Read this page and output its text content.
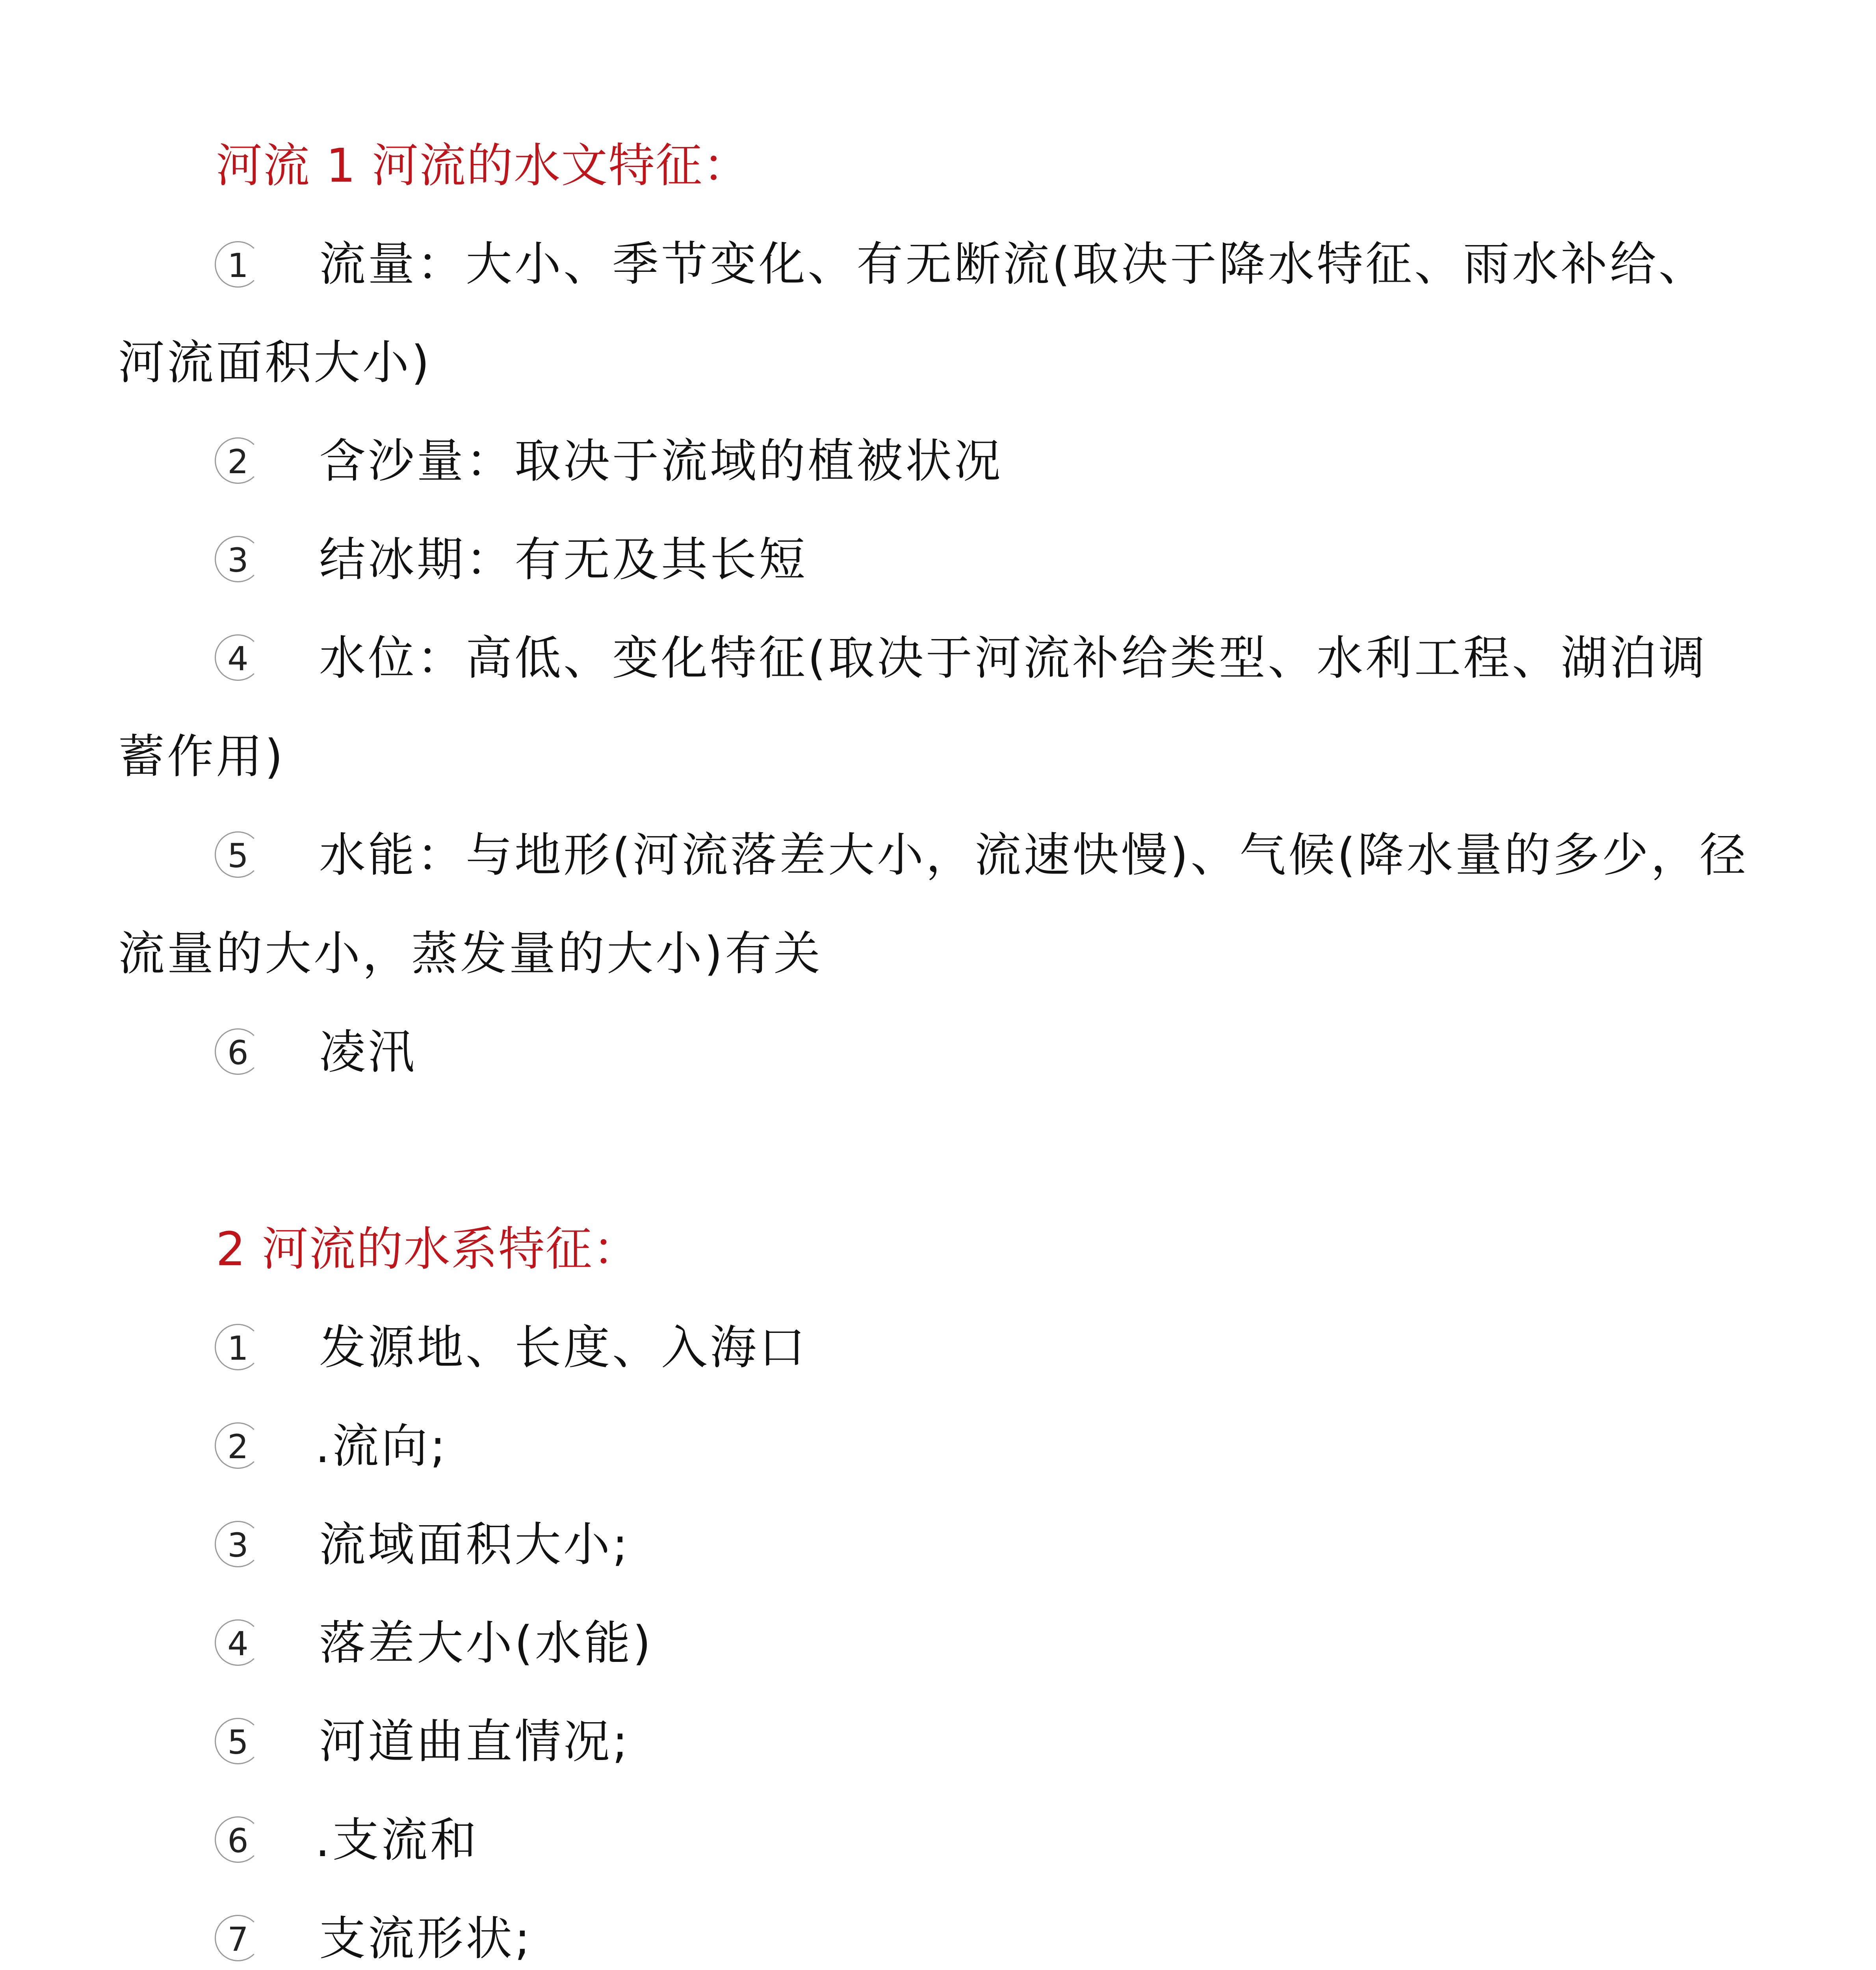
河流 1 河流的水文特征：
1 流量：大小、季节变化、有无断流(取决于降水特征、雨水补给、
河流面积大小)
2 含沙量：取决于流域的植被状况
3 结冰期：有无及其长短
4 水位：高低、变化特征(取决于河流补给类型、水利工程、湖泊调
蓄作用)
5 水能：与地形(河流落差大小，流速快慢)、气候(降水量的多少，径
流量的大小，蒸发量的大小)有关
6 凌汛
2 河流的水系特征：
1 发源地、长度、入海口
2 .流向;
3 流域面积大小;
4 落差大小(水能)
5 河道曲直情况;
6 .支流和
7 支流形状;
